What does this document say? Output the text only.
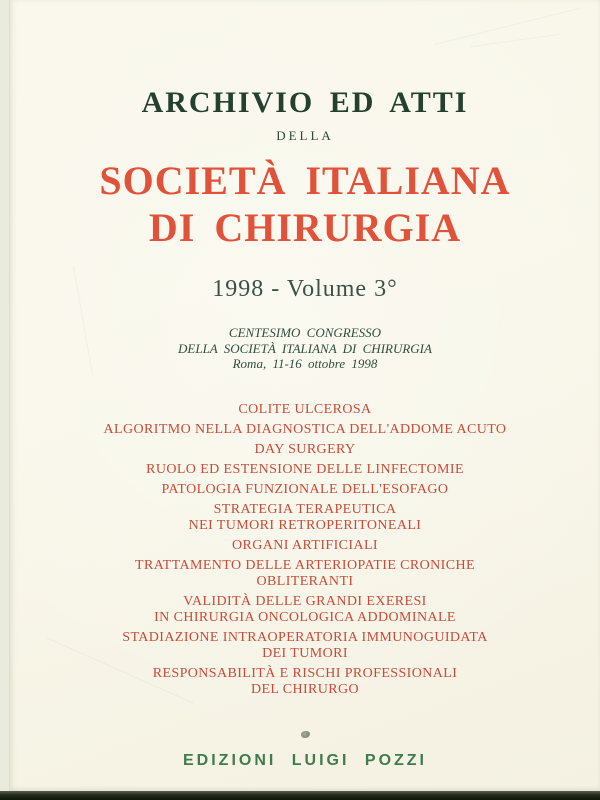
ARCHIVIO ED ATTI
DELLA
SOCIETÀ ITALIANA
DI CHIRURGIA
1998 - Volume 3°
CENTESIMO CONGRESSO
DELLA SOCIETÀ ITALIANA DI CHIRURGIA
Roma, 11-16 ottobre 1998
COLITE ULCEROSA
ALGORITMO NELLA DIAGNOSTICA DELL'ADDOME ACUTO
DAY SURGERY
RUOLO ED ESTENSIONE DELLE LINFECTOMIE
PATOLOGIA FUNZIONALE DELL'ESOFAGO
STRATEGIA TERAPEUTICA
NEI TUMORI RETROPERITONEALI
ORGANI ARTIFICIALI
TRATTAMENTO DELLE ARTERIOPATIE CRONICHE
OBLITERANTI
VALIDITÀ DELLE GRANDI EXERESI
IN CHIRURGIA ONCOLOGICA ADDOMINALE
STADIAZIONE INTRAOPERATORIA IMMUNOGUIDATA
DEI TUMORI
RESPONSABILITÀ E RISCHI PROFESSIONALI
DEL CHIRURGO
EDIZIONI LUIGI POZZI
